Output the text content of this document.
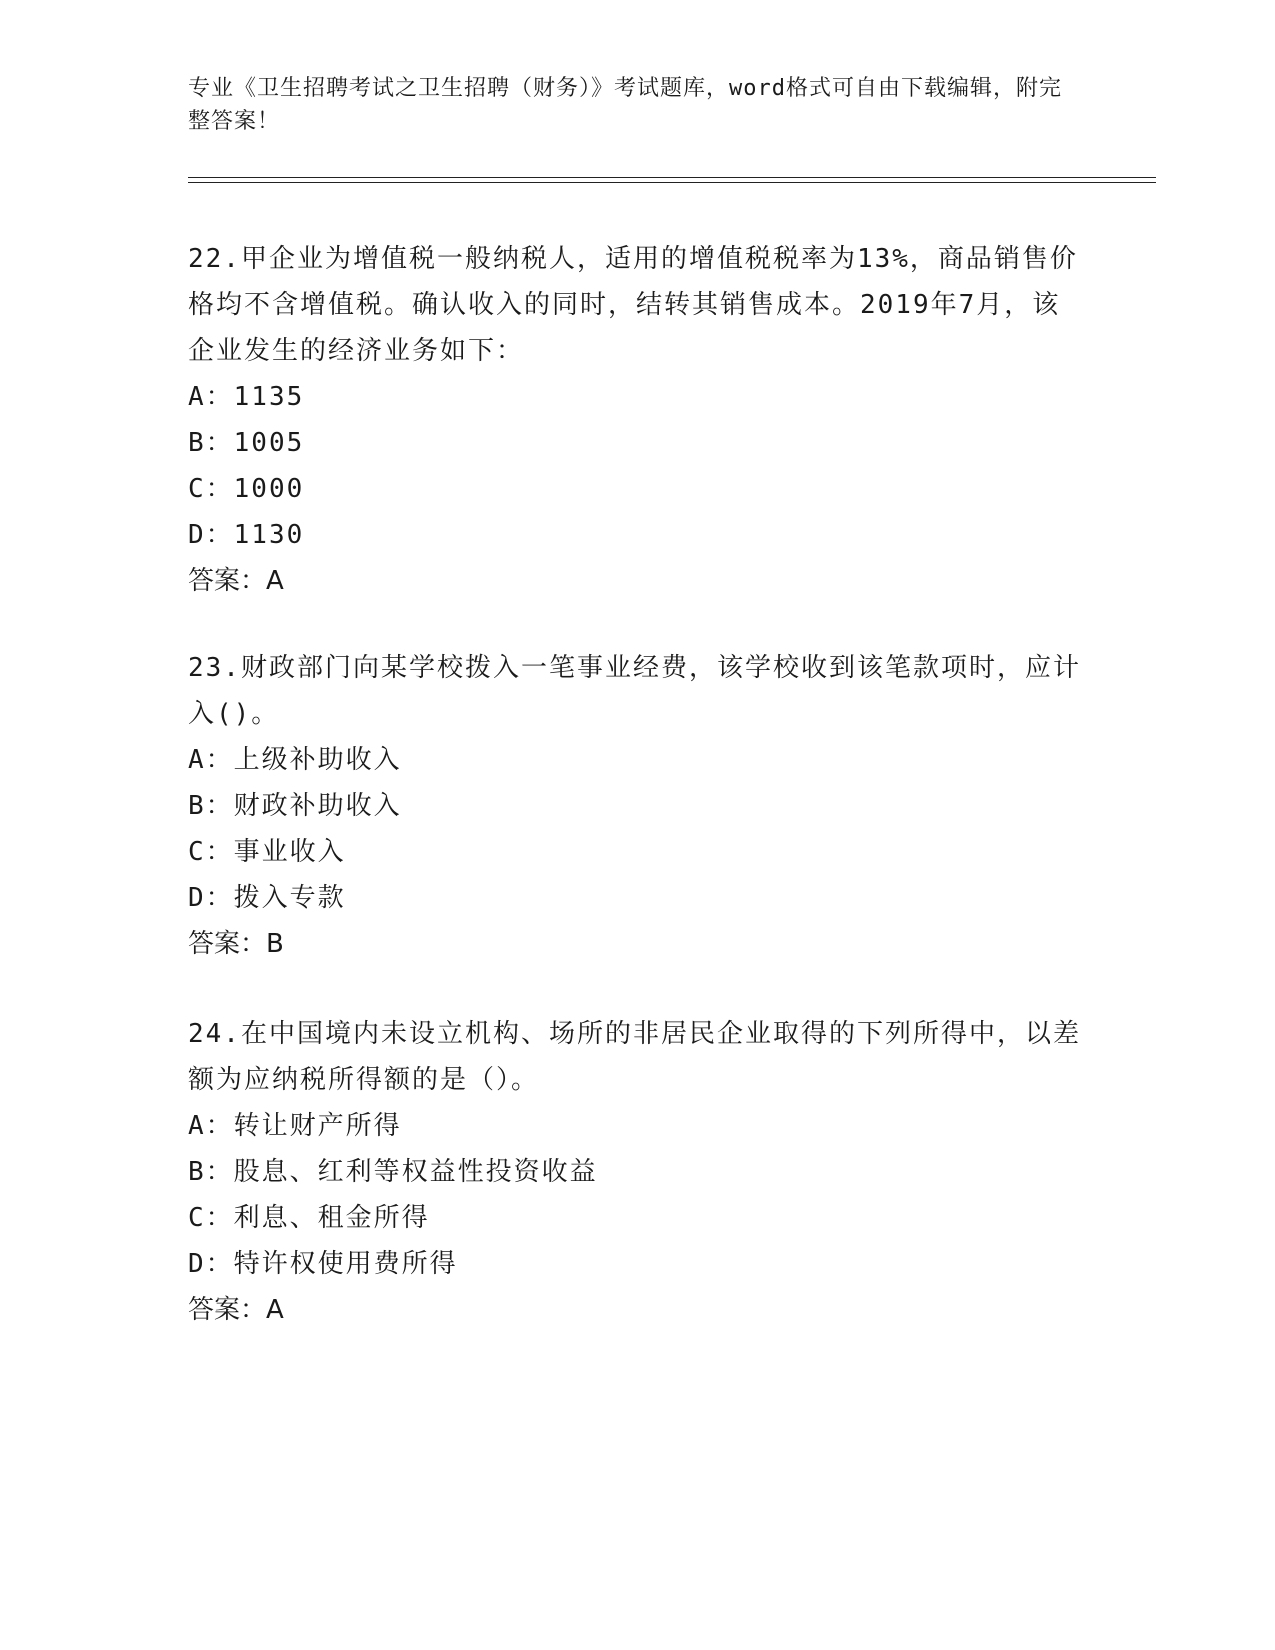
专业《卫生招聘考试之卫生招聘（财务）》考试题库，word格式可自由下载编辑，附完整答案！

22.甲企业为增值税一般纳税人，适用的增值税税率为13%，商品销售价格均不含增值税。确认收入的同时，结转其销售成本。2019年7月，该企业发生的经济业务如下：

A：1135

B：1005

C：1000

D：1130

答案：A

23.财政部门向某学校拨入一笔事业经费，该学校收到该笔款项时，应计入()。

A：上级补助收入

B：财政补助收入

C：事业收入

D：拨入专款

答案：B

24.在中国境内未设立机构、场所的非居民企业取得的下列所得中，以差额为应纳税所得额的是（）。

A：转让财产所得

B：股息、红利等权益性投资收益

C：利息、租金所得

D：特许权使用费所得

答案：A
